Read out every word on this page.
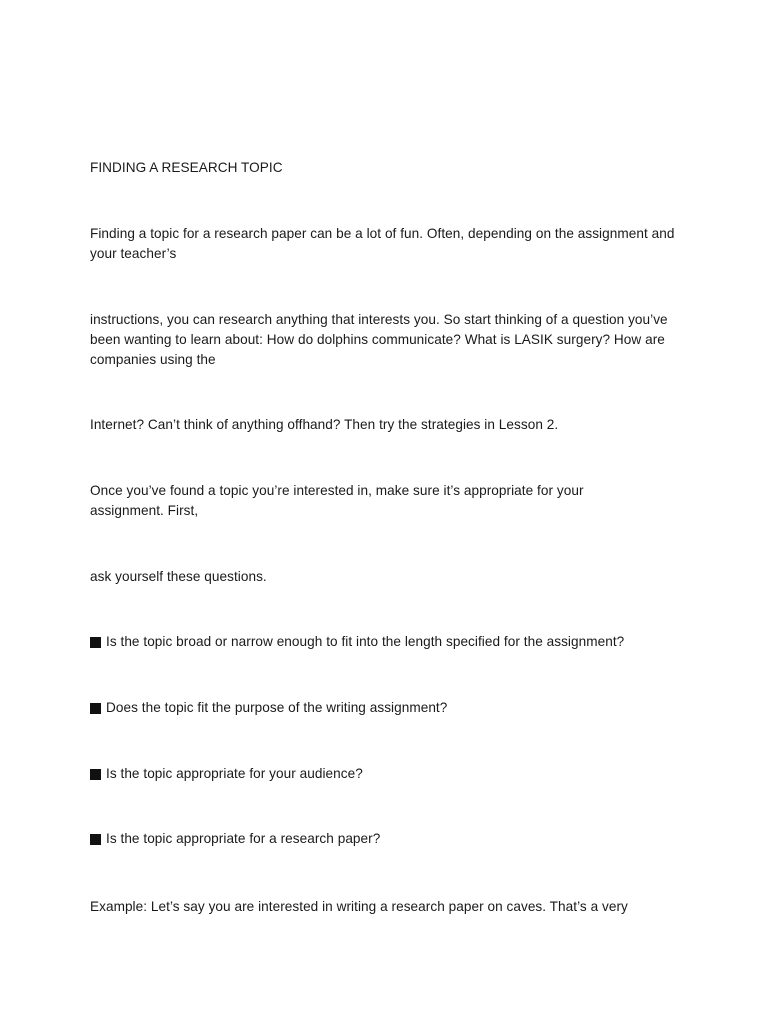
FINDING A RESEARCH TOPIC
Finding a topic for a research paper can be a lot of fun. Often, depending on the assignment and your teacher’s
instructions, you can research anything that interests you. So start thinking of a question you’ve been wanting to learn about: How do dolphins communicate? What is LASIK surgery? How are companies using the
Internet? Can’t think of anything offhand? Then try the strategies in Lesson 2.
Once you’ve found a topic you’re interested in, make sure it’s appropriate for your assignment. First,
ask yourself these questions.
Is the topic broad or narrow enough to fit into the length specified for the assignment?
Does the topic fit the purpose of the writing assignment?
Is the topic appropriate for your audience?
Is the topic appropriate for a research paper?
Example: Let’s say you are interested in writing a research paper on caves. That’s a very
